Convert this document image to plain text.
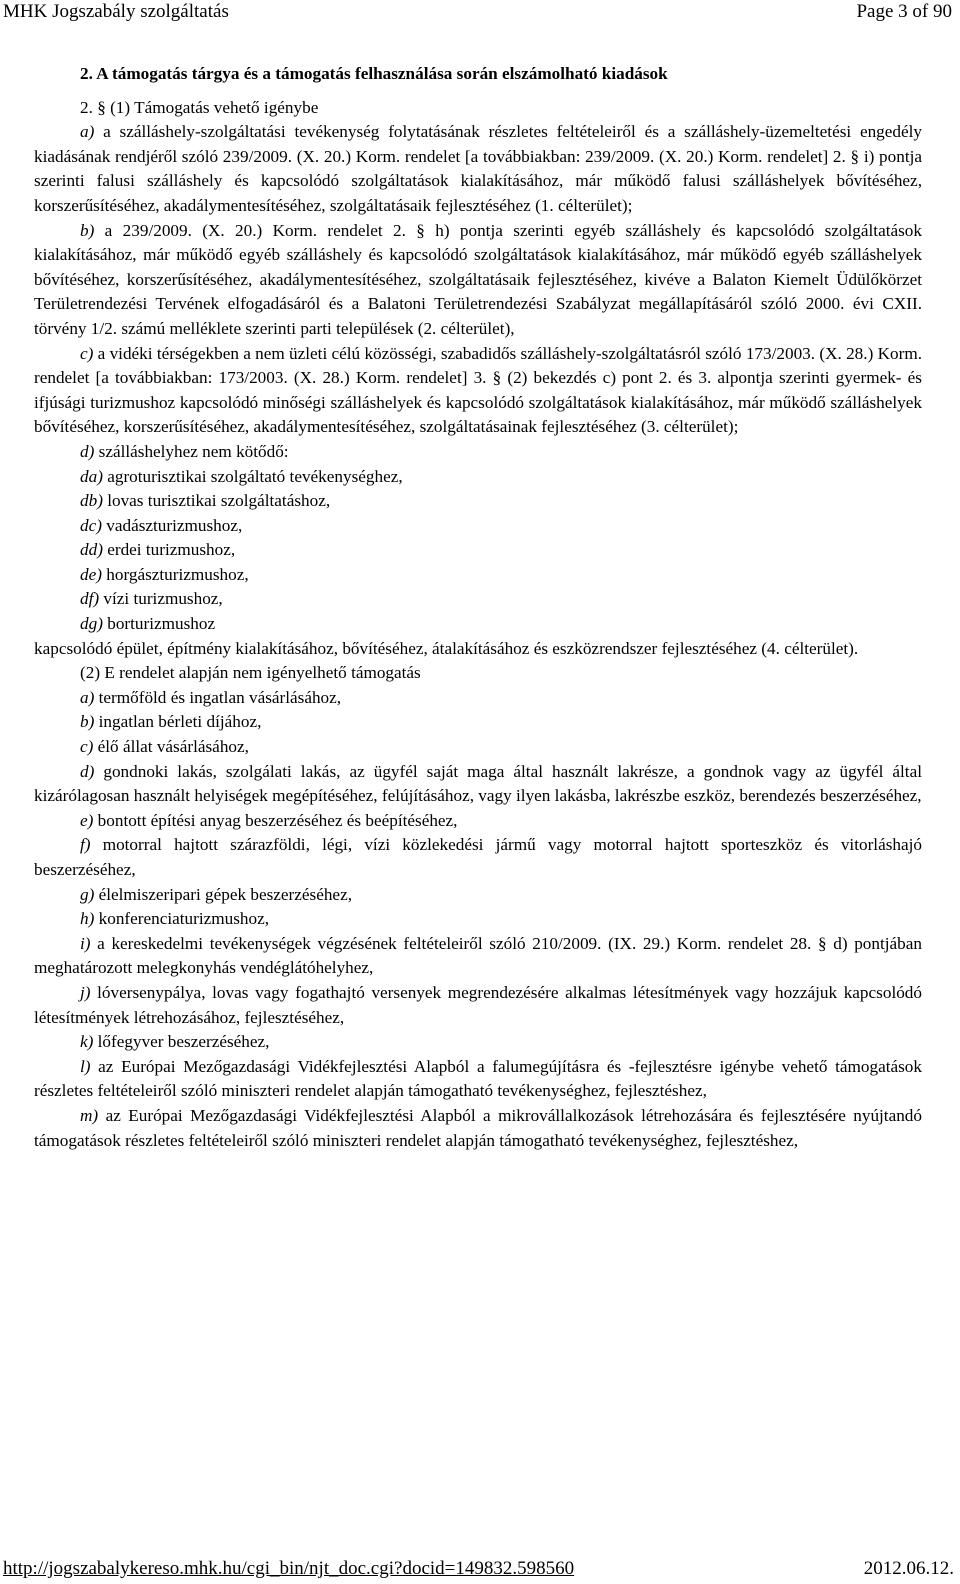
MHK Jogszabály szolgáltatás	Page 3 of 90

2. A támogatás tárgya és a támogatás felhasználása során elszámolható kiadások

2. § (1) Támogatás vehető igénybe

a) a szálláshely-szolgáltatási tevékenység folytatásának részletes feltételeiről és a szálláshely-üzemeltetési engedély kiadásának rendjéről szóló 239/2009. (X. 20.) Korm. rendelet [a továbbiakban: 239/2009. (X. 20.) Korm. rendelet] 2. § i) pontja szerinti falusi szálláshely és kapcsolódó szolgáltatások kialakításához, már működő falusi szálláshelyek bővítéséhez, korszerűsítéséhez, akadálymentesítéséhez, szolgáltatásaik fejlesztéséhez (1. célterület);

b) a 239/2009. (X. 20.) Korm. rendelet 2. § h) pontja szerinti egyéb szálláshely és kapcsolódó szolgáltatások kialakításához, már működő egyéb szálláshely és kapcsolódó szolgáltatások kialakításához, már működő egyéb szálláshelyek bővítéséhez, korszerűsítéséhez, akadálymentesítéséhez, szolgáltatásaik fejlesztéséhez, kivéve a Balaton Kiemelt Üdülőkörzet Területrendezési Tervének elfogadásáról és a Balatoni Területrendezési Szabályzat megállapításáról szóló 2000. évi CXII. törvény 1/2. számú melléklete szerinti parti települések (2. célterület),

c) a vidéki térségekben a nem üzleti célú közösségi, szabadidős szálláshely-szolgáltatásról szóló 173/2003. (X. 28.) Korm. rendelet [a továbbiakban: 173/2003. (X. 28.) Korm. rendelet] 3. § (2) bekezdés c) pont 2. és 3. alpontja szerinti gyermek- és ifjúsági turizmushoz kapcsolódó minőségi szálláshelyek és kapcsolódó szolgáltatások kialakításához, már működő szálláshelyek bővítéséhez, korszerűsítéséhez, akadálymentesítéséhez, szolgáltatásainak fejlesztéséhez (3. célterület);

d) szálláshelyhez nem kötődő:

da) agroturisztikai szolgáltató tevékenységhez,

db) lovas turisztikai szolgáltatáshoz,

dc) vadászturizmushoz,

dd) erdei turizmushoz,

de) horgászturizmushoz,

df) vízi turizmushoz,

dg) borturizmushoz

kapcsolódó épület, építmény kialakításához, bővítéséhez, átalakításához és eszközrendszer fejlesztéséhez (4. célterület).

(2) E rendelet alapján nem igényelhető támogatás

a) termőföld és ingatlan vásárlásához,

b) ingatlan bérleti díjához,

c) élő állat vásárlásához,

d) gondnoki lakás, szolgálati lakás, az ügyfél saját maga által használt lakrésze, a gondnok vagy az ügyfél által kizárólagosan használt helyiségek megépítéséhez, felújításához, vagy ilyen lakásba, lakrészbe eszköz, berendezés beszerzéséhez,

e) bontott építési anyag beszerzéséhez és beépítéséhez,

f) motorral hajtott szárazföldi, légi, vízi közlekedési jármű vagy motorral hajtott sporteszköz és vitorláshajó beszerzéséhez,

g) élelmiszeripari gépek beszerzéséhez,

h) konferenciaturizmushoz,

i) a kereskedelmi tevékenységek végzésének feltételeiről szóló 210/2009. (IX. 29.) Korm. rendelet 28. § d) pontjában meghatározott melegkonyhás vendéglátóhelyhez,

j) lóversenypálya, lovas vagy fogathajtó versenyek megrendezésére alkalmas létesítmények vagy hozzájuk kapcsolódó létesítmények létrehozásához, fejlesztéséhez,

k) lőfegyver beszerzéséhez,

l) az Európai Mezőgazdasági Vidékfejlesztési Alapból a falumegújításra és -fejlesztésre igénybe vehető támogatások részletes feltételeiről szóló miniszteri rendelet alapján támogatható tevékenységhez, fejlesztéshez,

m) az Európai Mezőgazdasági Vidékfejlesztési Alapból a mikrovállalkozások létrehozására és fejlesztésére nyújtandó támogatások részletes feltételeiről szóló miniszteri rendelet alapján támogatható tevékenységhez, fejlesztéshez,

http://jogszabalykereso.mhk.hu/cgi_bin/njt_doc.cgi?docid=149832.598560	2012.06.12.
